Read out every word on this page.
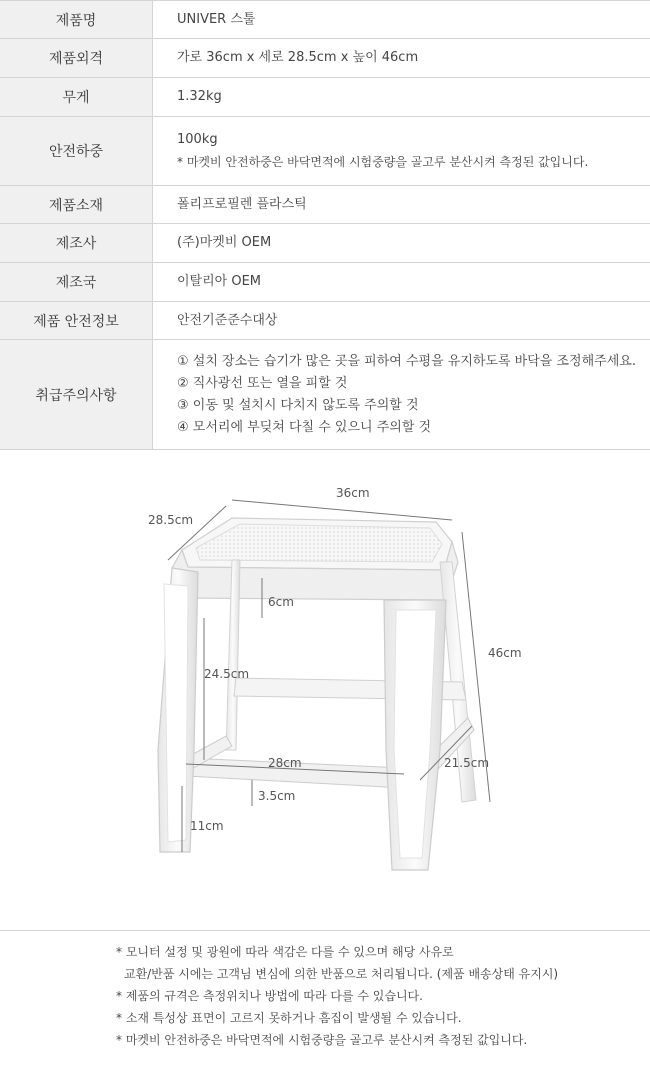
제품명	UNIVER 스툴

제품외격	가로 36cm x 세로 28.5cm x 높이 46cm

무게	1.32kg

안전하중	100kg
* 마켓비 안전하중은 바닥면적에 시험중량을 골고루 분산시켜 측정된 값입니다.

제품소재	폴리프로필렌 플라스틱

제조사	(주)마켓비 OEM

제조국	이탈리아 OEM

제품 안전정보	안전기준준수대상

취급주의사항	① 설치 장소는 습기가 많은 곳을 피하여 수평을 유지하도록 바닥을 조정해주세요.
② 직사광선 또는 열을 피할 것
③ 이동 및 설치시 다치지 않도록 주의할 것
④ 모서리에 부딪쳐 다칠 수 있으니 주의할 것
36cm
28.5cm
46cm
6cm
24.5cm
28cm	21.5cm
3.5cm
11cm
* 모니터 설정 및 광원에 따라 색감은 다를 수 있으며 해당 사유로
교환/반품 시에는 고객님 변심에 의한 반품으로 처리됩니다. (제품 배송상태 유지시)
* 제품의 규격은 측정위치나 방법에 따라 다를 수 있습니다.
* 소재 특성상 표면이 고르지 못하거나 흠집이 발생될 수 있습니다.
* 마켓비 안전하중은 바닥면적에 시험중량을 골고루 분산시켜 측정된 값입니다.
